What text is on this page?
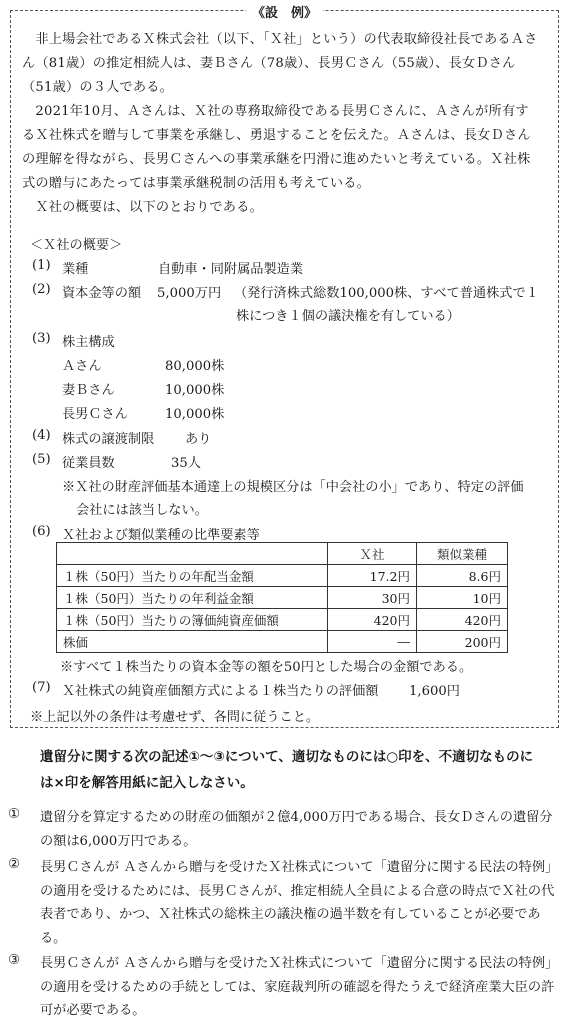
《設　例》
　非上場会社であるＸ株式会社（以下、「Ｘ社」という）の代表取締役社長であるＡさん（81歳）の推定相続人は、妻Ｂさん（78歳）、長男Ｃさん（55歳）、長女Ｄさん（51歳）の３人である。
　2021年10月、Ａさんは、Ｘ社の専務取締役である長男Ｃさんに、Ａさんが所有するＸ社株式を贈与して事業を承継し、勇退することを伝えた。Ａさんは、長女Ｄさんの理解を得ながら、長男Ｃさんへの事業承継を円滑に進めたいと考えている。Ｘ社株式の贈与にあたっては事業承継税制の活用も考えている。
　Ｘ社の概要は、以下のとおりである。
＜Ｘ社の概要＞
(1) 業種	自動車・同附属品製造業
(2) 資本金等の額 5,000万円 （発行済株式総数100,000株、すべて普通株式で１
株につき１個の議決権を有している）
(3) 株主構成
Ａさん	80,000株
妻Ｂさん	10,000株
長男Ｃさん	10,000株
(4) 株式の譲渡制限 あり
(5) 従業員数	35人
※Ｘ社の財産評価基本通達上の規模区分は「中会社の小」であり、特定の評価
会社には該当しない。
(6) Ｘ社および類似業種の比準要素等
	Ｘ社	類似業種
１株（50円）当たりの年配当金額	17.2円	8.6円
１株（50円）当たりの年利益金額	30円	10円
１株（50円）当たりの簿価純資産価額	420円	420円
株価	―	200円
※すべて１株当たりの資本金等の額を50円とした場合の金額である。
(7) Ｘ社株式の純資産価額方式による１株当たりの評価額 1,600円
※上記以外の条件は考慮せず、各問に従うこと。
遺留分に関する次の記述①～③について、適切なものには○印を、不適切なものには×印を解答用紙に記入しなさい。
① 遺留分を算定するための財産の価額が２億4,000万円である場合、長女Ｄさんの遺留分の額は6,000万円である。
② 長男Ｃさんが Ａさんから贈与を受けたＸ社株式について「遺留分に関する民法の特例」の適用を受けるためには、長男Ｃさんが、推定相続人全員による合意の時点でＸ社の代表者であり、かつ、Ｘ社株式の総株主の議決権の過半数を有していることが必要である。
③ 長男Ｃさんが Ａさんから贈与を受けたＸ社株式について「遺留分に関する民法の特例」の適用を受けるための手続としては、家庭裁判所の確認を得たうえで経済産業大臣の許可が必要である。
